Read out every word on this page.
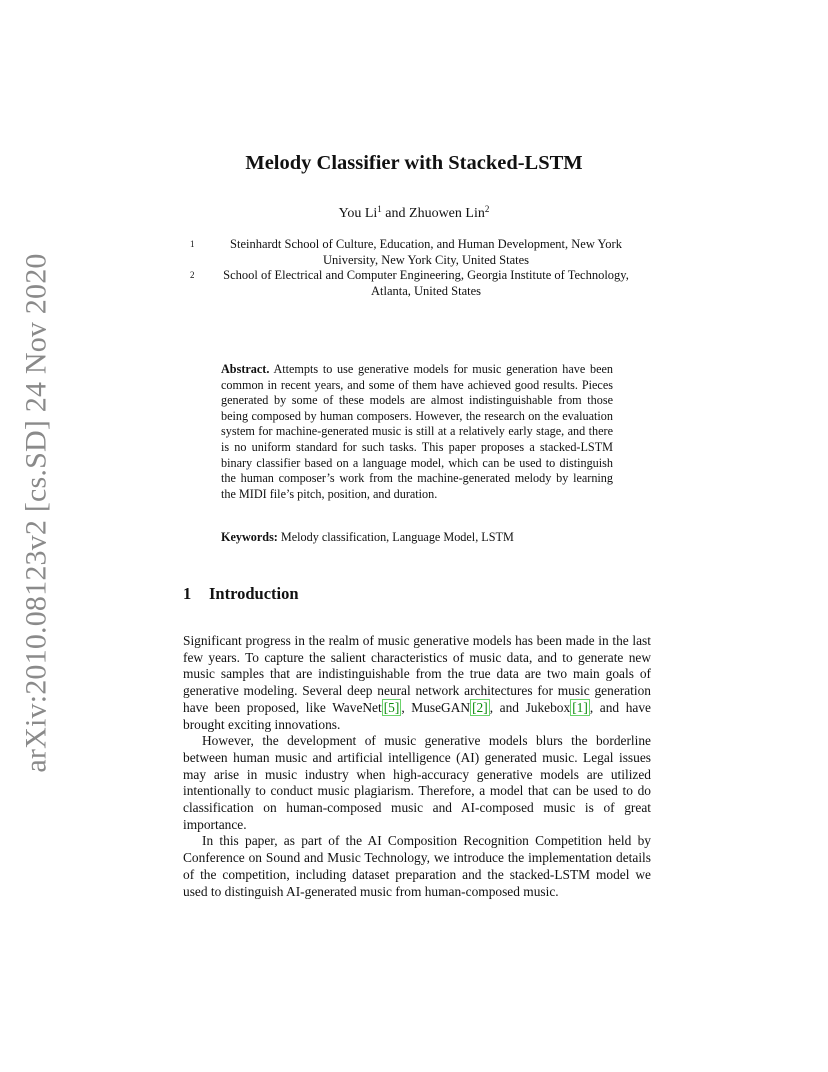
arXiv:2010.08123v2 [cs.SD] 24 Nov 2020
Melody Classifier with Stacked-LSTM
You Li$^1$ and Zhuowen Lin$^2$
1	Steinhardt School of Culture, Education, and Human Development, New York University, New York City, United States
2	School of Electrical and Computer Engineering, Georgia Institute of Technology, Atlanta, United States
Abstract. Attempts to use generative models for music generation have been common in recent years, and some of them have achieved good results. Pieces generated by some of these models are almost indistinguishable from those being composed by human composers. However, the research on the evaluation system for machine-generated music is still at a relatively early stage, and there is no uniform standard for such tasks. This paper proposes a stacked-LSTM binary classifier based on a language model, which can be used to distinguish the human composer’s work from the machine-generated melody by learning the MIDI file’s pitch, position, and duration.
Keywords: Melody classification, Language Model, LSTM
1 Introduction

Significant progress in the realm of music generative models has been made in the last few years. To capture the salient characteristics of music data, and to generate new music samples that are indistinguishable from the true data are two main goals of generative modeling. Several deep neural network architectures for music generation have been proposed, like WaveNet [5] , MuseGAN [2] , and Jukebox [1] , and have brought exciting innovations.

However, the development of music generative models blurs the borderline between human music and artificial intelligence (AI) generated music. Legal issues may arise in music industry when high-accuracy generative models are utilized intentionally to conduct music plagiarism. Therefore, a model that can be used to do classification on human-composed music and AI-composed music is of great importance.

In this paper, as part of the AI Composition Recognition Competition held by Conference on Sound and Music Technology, we introduce the implementation details of the competition, including dataset preparation and the stacked-LSTM model we used to distinguish AI-generated music from human-composed music.
